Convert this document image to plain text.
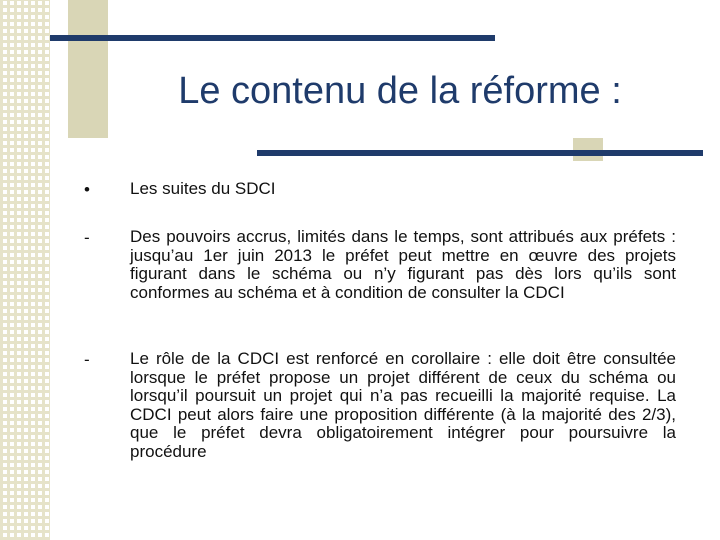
Le contenu de la réforme :
• Les suites du SDCI
- Des pouvoirs accrus, limités dans le temps, sont attribués aux préfets : jusqu’au 1er juin 2013 le préfet peut mettre en œuvre des projets figurant dans le schéma ou n’y figurant pas dès lors qu’ils sont conformes au schéma et à condition de consulter la CDCI
- Le rôle de la CDCI est renforcé en corollaire : elle doit être consultée lorsque le préfet propose un projet différent de ceux du schéma ou lorsqu’il poursuit un projet qui n’a pas recueilli la majorité requise. La CDCI peut alors faire une proposition différente (à la majorité des 2/3), que le préfet devra obligatoirement intégrer pour poursuivre la procédure
